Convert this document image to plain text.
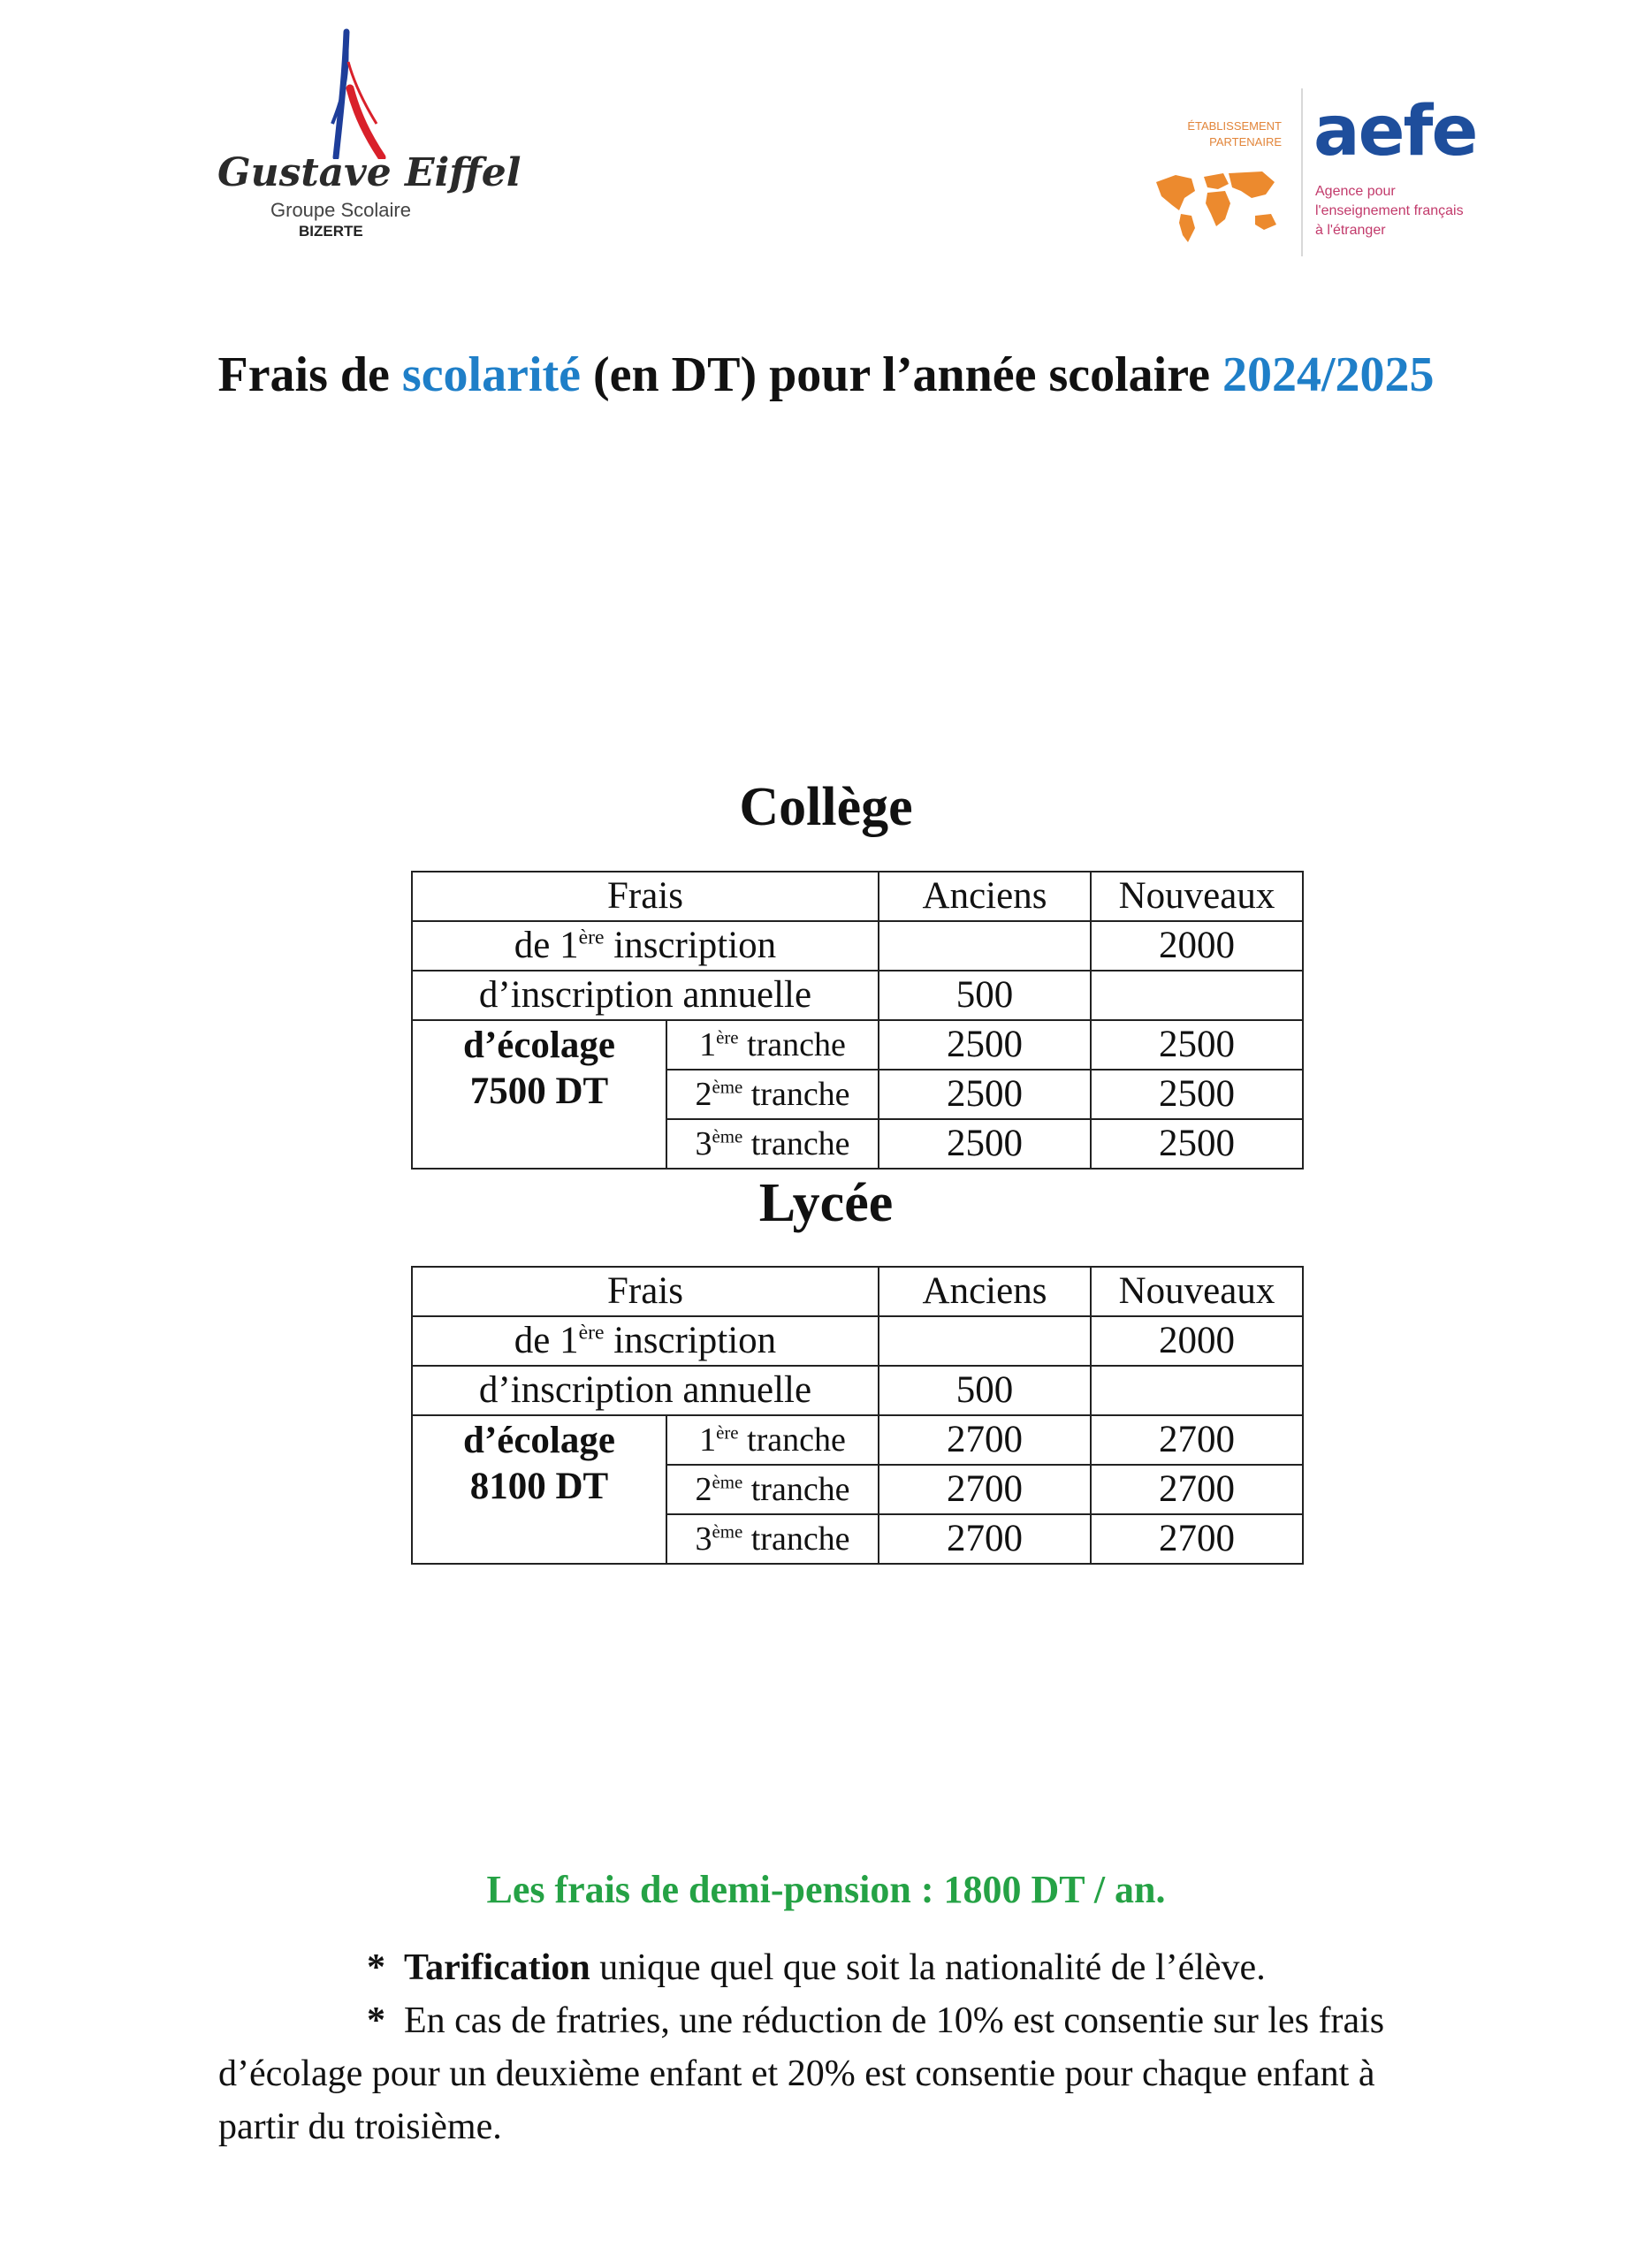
Gustave Eiffel
Groupe Scolaire
BIZERTE
ÉTABLISSEMENT
PARTENAIRE aefe
Agence pour
l'enseignement français
à l'étranger
Frais de scolarité (en DT) pour l’année scolaire 2024/2025
Collège
Frais		Anciens	Nouveaux
de 1ère inscription			2000
d’inscription annuelle		500	

d’écolage
7500 DT	1ère tranche	2500	2500
	2ème tranche	2500	2500
	3ème tranche	2500	2500
Lycée
Frais		Anciens	Nouveaux
de 1ère inscription			2000
d’inscription annuelle		500	

d’écolage
8100 DT	1ère tranche	2700	2700
	2ème tranche	2700	2700
	3ème tranche	2700	2700
Les frais de demi-pension : 1800 DT / an.
* Tarification unique quel que soit la nationalité de l’élève.
* En cas de fratries, une réduction de 10% est consentie sur les frais
d’écolage pour un deuxième enfant et 20% est consentie pour chaque enfant à
partir du troisième.
